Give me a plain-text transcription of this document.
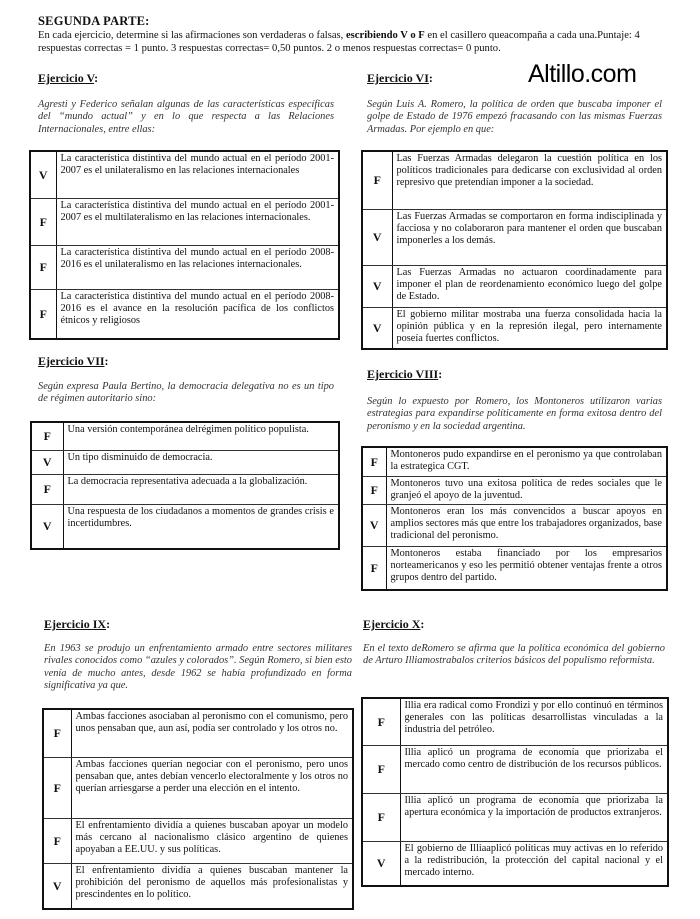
SEGUNDA PARTE:
En cada ejercicio, determine si las afirmaciones son verdaderas o falsas, escribiendo V o F en el casillero queacompaña a cada una.Puntaje: 4 respuestas correctas = 1 punto. 3 respuestas correctas= 0,50 puntos. 2 o menos respuestas correctas= 0 punto.
Altillo.com
Ejercicio V:
Agresti y Federico señalan algunas de las características específicas del “mundo actual” y en lo que respecta a las Relaciones Internacionales, entre ellas:
V	La característica distintiva del mundo actual en el período 2001-2007 es el unilateralismo en las relaciones internacionales
F	La característica distintiva del mundo actual en el período 2001-2007 es el multilateralismo en las relaciones internacionales.
F	La característica distintiva del mundo actual en el período 2008-2016 es el unilateralismo en las relaciones internacionales.
F	La característica distintiva del mundo actual en el período 2008-2016 es el avance en la resolución pacífica de los conflictos étnicos y religiosos
Ejercicio VI:
Según Luis A. Romero, la política de orden que buscaba imponer el golpe de Estado de 1976 empezó fracasando con las mismas Fuerzas Armadas. Por ejemplo en que:
F	Las Fuerzas Armadas delegaron la cuestión política en los políticos tradicionales para dedicarse con exclusividad al orden represivo que pretendían imponer a la sociedad.
V	Las Fuerzas Armadas se comportaron en forma indisciplinada y facciosa y no colaboraron para mantener el orden que buscaban imponerles a los demás.
V	Las Fuerzas Armadas no actuaron coordinadamente para imponer el plan de reordenamiento económico luego del golpe de Estado.
V	El gobierno militar mostraba una fuerza consolidada hacia la opinión pública y en la represión ilegal, pero internamente poseía fuertes conflictos.
Ejercicio VII:
Según expresa Paula Bertino, la democracia delegativa no es un tipo de régimen autoritario sino:
F	Una versión contemporánea delrégimen político populista.
V	Un tipo disminuido de democracia.
F	La democracia representativa adecuada a la globalización.
V	Una respuesta de los ciudadanos a momentos de grandes crisis e incertidumbres.
Ejercicio VIII:
Según lo expuesto por Romero, los Montoneros utilizaron varias estrategias para expandirse políticamente en forma exitosa dentro del peronismo y en la sociedad argentina.
F	Montoneros pudo expandirse en el peronismo ya que controlaban la estrategica CGT.
F	Montoneros tuvo una exitosa política de redes sociales que le granjeó el apoyo de la juventud.
V	Montoneros eran los más convencidos a buscar apoyos en amplios sectores más que entre los trabajadores organizados, base tradicional del peronismo.
F	Montoneros estaba financiado por los empresarios norteamericanos y eso les permitió obtener ventajas frente a otros grupos dentro del partido.
Ejercicio IX:
En 1963 se produjo un enfrentamiento armado entre sectores militares rivales conocidos como “azules y colorados”. Según Romero, si bien esto venía de mucho antes, desde 1962 se había profundizado en forma significativa ya que.
F	Ambas facciones asociaban al peronismo con el comunismo, pero unos pensaban que, aun así, podía ser controlado y los otros no.
F	Ambas facciones querían negociar con el peronismo, pero unos pensaban que, antes debían vencerlo electoralmente y los otros no querían arriesgarse a perder una elección en el intento.
F	El enfrentamiento dividía a quienes buscaban apoyar un modelo más cercano al nacionalismo clásico argentino de quienes apoyaban a EE.UU. y sus políticas.
V	El enfrentamiento dividía a quienes buscaban mantener la prohibición del peronismo de aquellos más profesionalistas y prescindentes en lo político.
Ejercicio X:
En el texto deRomero se afirma que la política económica del gobierno de Arturo Illiamostrabalos criterios básicos del populismo reformista.
F	Illia era radical como Frondizi y por ello continuó en términos generales con las políticas desarrollistas vinculadas a la industria del petróleo.
F	Illia aplicó un programa de economía que priorizaba el mercado como centro de distribución de los recursos públicos.
F	Illia aplicó un programa de economía que priorizaba la apertura económica y la importación de productos extranjeros.
V	El gobierno de Illiaaplicó políticas muy activas en lo referido a la redistribución, la protección del capital nacional y el mercado interno.
